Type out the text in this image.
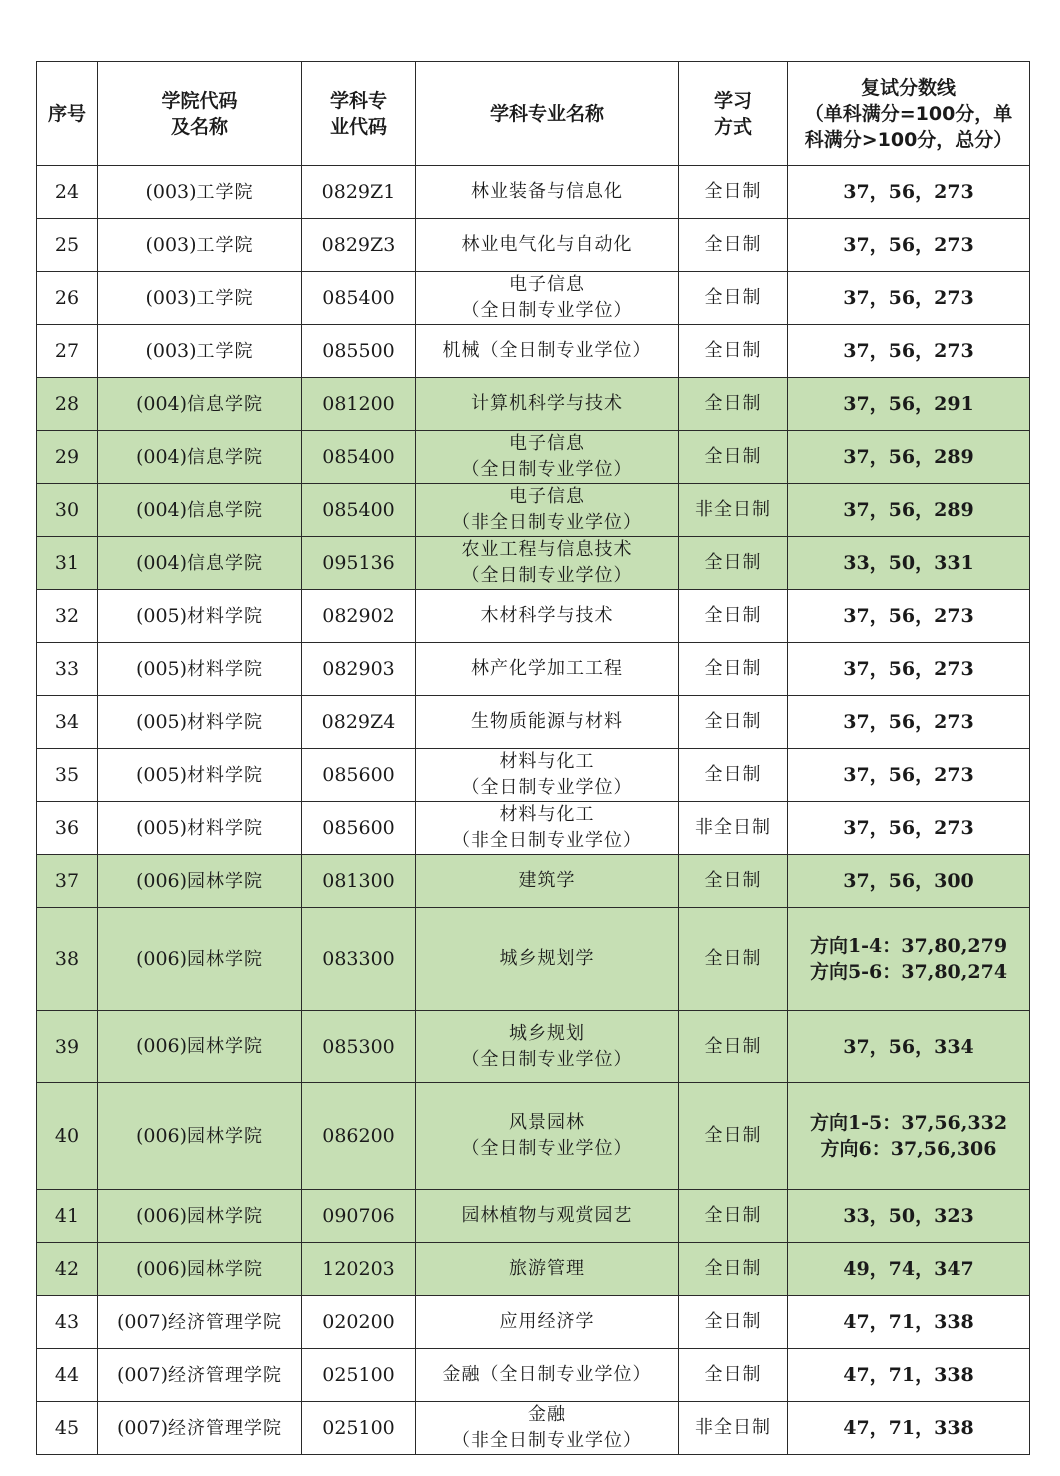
序号	学院代码
及名称	学科专
业代码	学科专业名称	学习
方式	复试分数线
（单科满分=100分，单
科满分>100分，总分）

24	(003)工学院	0829Z1	林业装备与信息化	全日制	37，56，273

25	(003)工学院	0829Z3	林业电气化与自动化	全日制	37，56，273

26	(003)工学院	085400	电子信息
（全日制专业学位）	全日制	37，56，273

27	(003)工学院	085500	机械（全日制专业学位）	全日制	37，56，273

28	(004)信息学院	081200	计算机科学与技术	全日制	37，56，291

29	(004)信息学院	085400	电子信息
（全日制专业学位）	全日制	37，56，289

30	(004)信息学院	085400	电子信息
（非全日制专业学位）	非全日制	37，56，289

31	(004)信息学院	095136	农业工程与信息技术
（全日制专业学位）	全日制	33，50，331

32	(005)材料学院	082902	木材科学与技术	全日制	37，56，273

33	(005)材料学院	082903	林产化学加工工程	全日制	37，56，273

34	(005)材料学院	0829Z4	生物质能源与材料	全日制	37，56，273

35	(005)材料学院	085600	材料与化工
（全日制专业学位）	全日制	37，56，273

36	(005)材料学院	085600	材料与化工
（非全日制专业学位）	非全日制	37，56，273

37	(006)园林学院	081300	建筑学	全日制	37，56，300

38	(006)园林学院	083300	城乡规划学	全日制	方向1-4：37,80,279
方向5-6：37,80,274

39	(006)园林学院	085300	城乡规划
（全日制专业学位）	全日制	37，56，334

40	(006)园林学院	086200	风景园林
（全日制专业学位）	全日制	方向1-5：37,56,332
方向6：37,56,306

41	(006)园林学院	090706	园林植物与观赏园艺	全日制	33，50，323

42	(006)园林学院	120203	旅游管理	全日制	49，74，347

43	(007)经济管理学院	020200	应用经济学	全日制	47，71，338

44	(007)经济管理学院	025100	金融（全日制专业学位）	全日制	47，71，338

45	(007)经济管理学院	025100	金融
（非全日制专业学位）	非全日制	47，71，338
